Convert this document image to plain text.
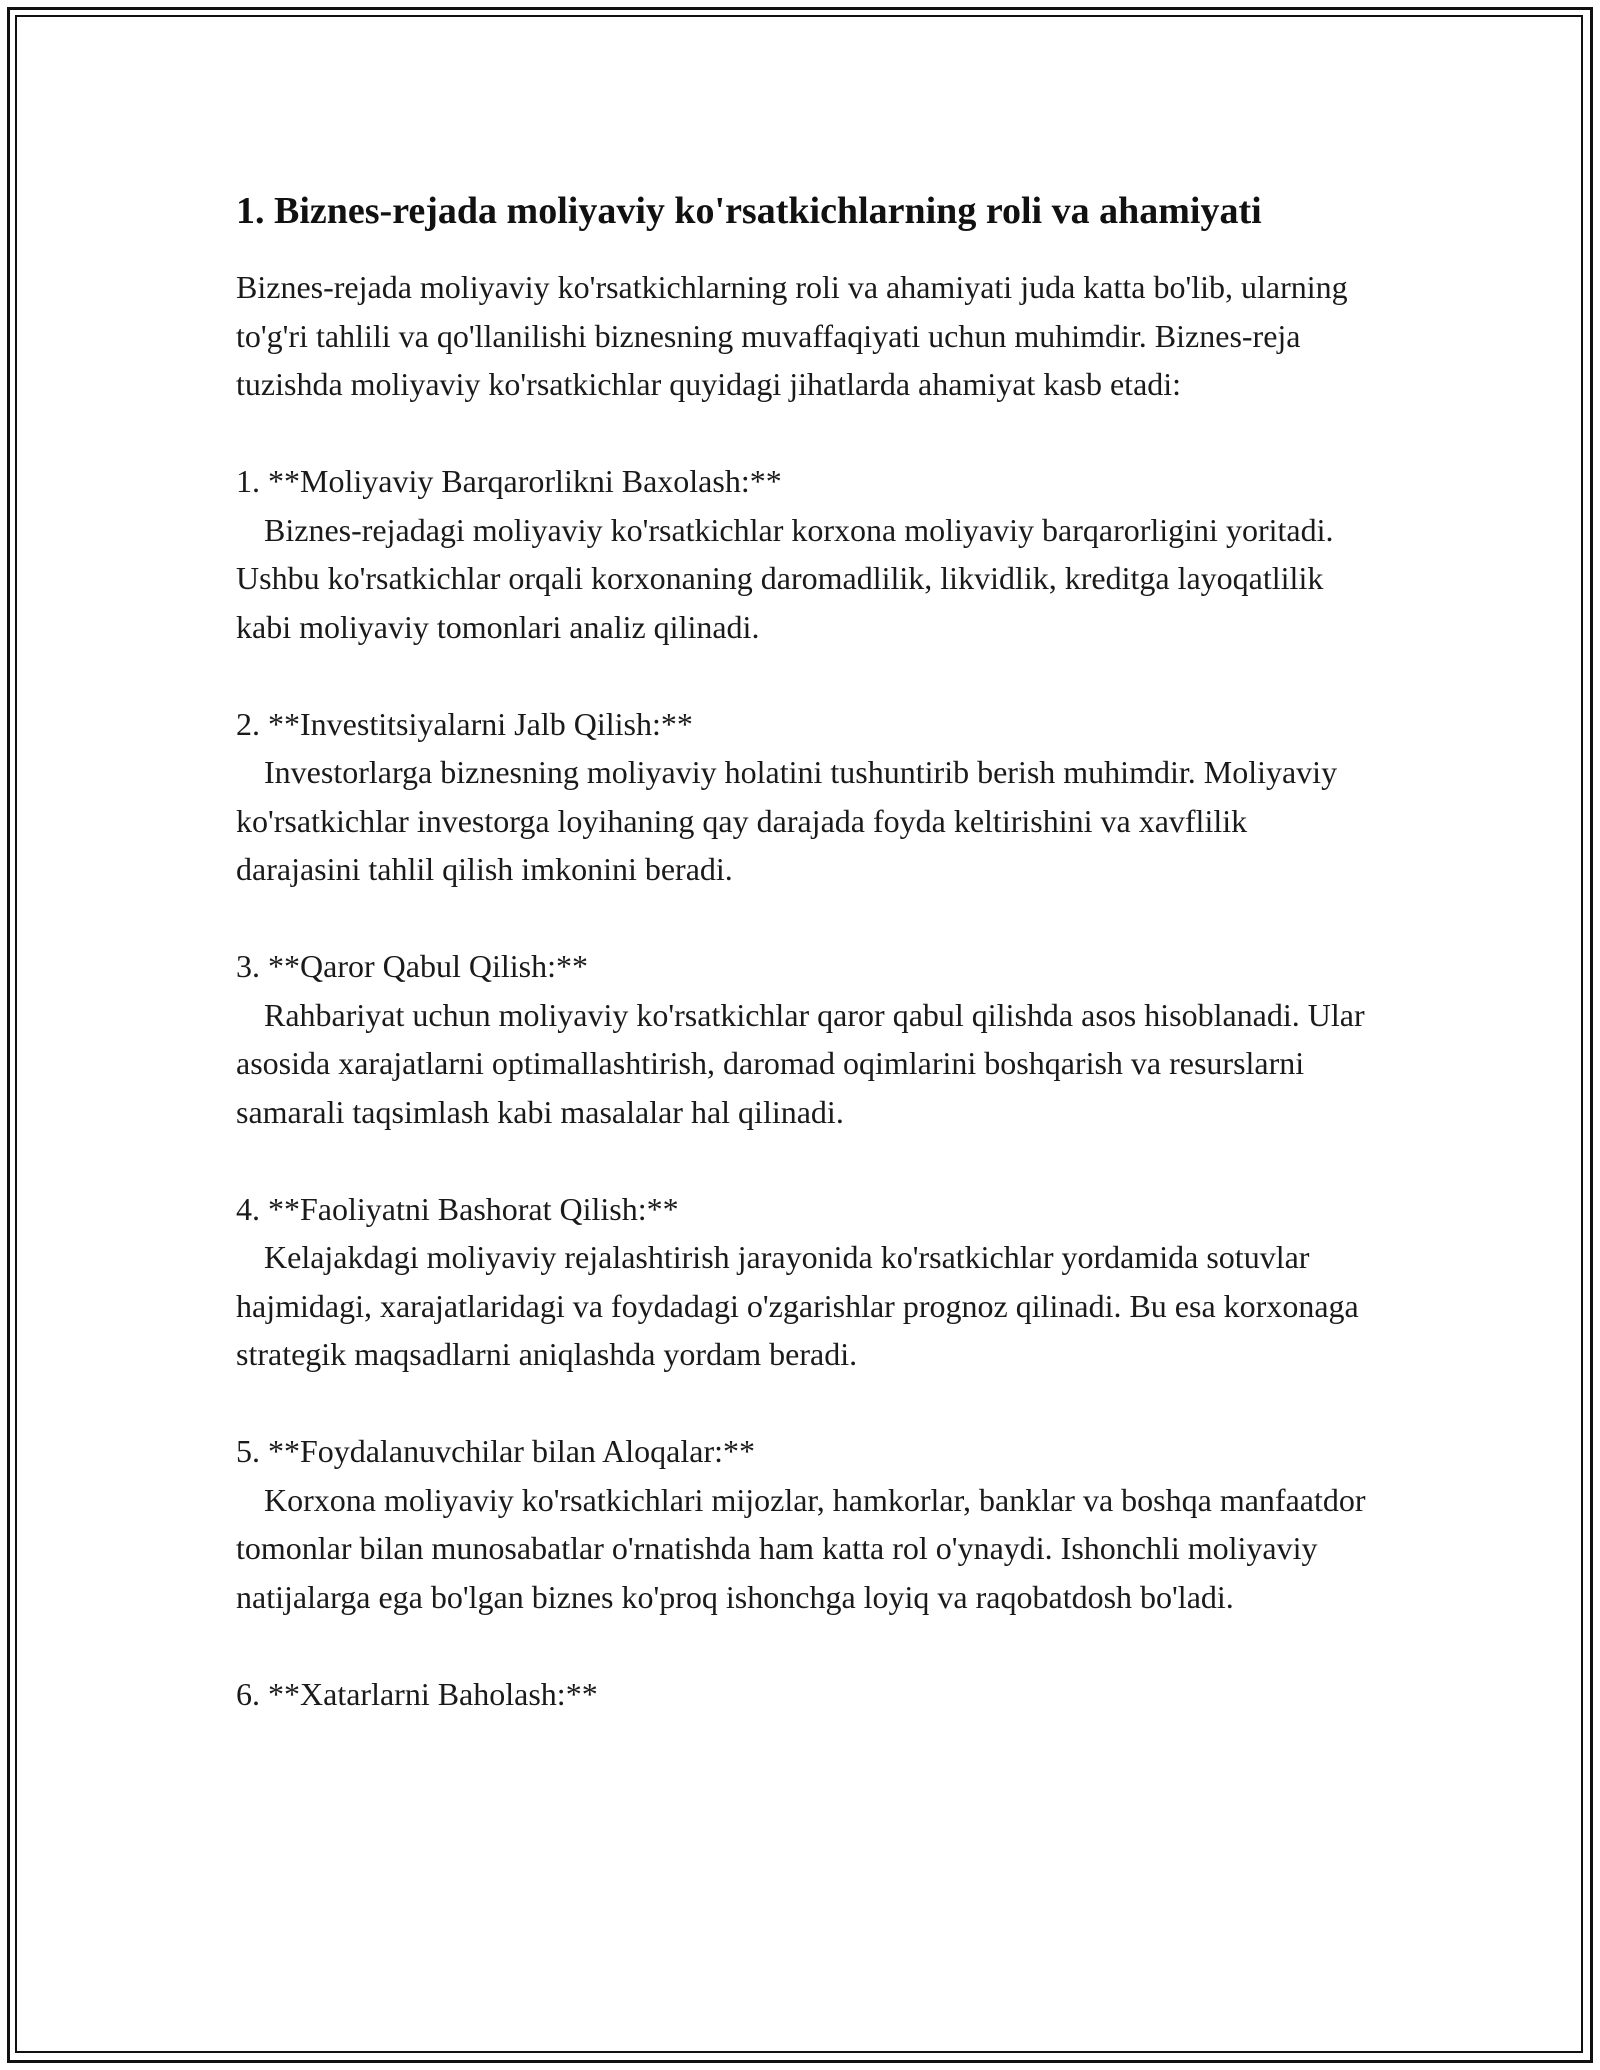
1. Biznes-rejada moliyaviy ko'rsatkichlarning roli va ahamiyati

Biznes-rejada moliyaviy ko'rsatkichlarning roli va ahamiyati juda katta bo'lib, ularning to'g'ri tahlili va qo'llanilishi biznesning muvaffaqiyati uchun muhimdir. Biznes-reja tuzishda moliyaviy ko'rsatkichlar quyidagi jihatlarda ahamiyat kasb etadi:

1. **Moliyaviy Barqarorlikni Baxolash:**
Biznes-rejadagi moliyaviy ko'rsatkichlar korxona moliyaviy barqarorligini yoritadi. Ushbu ko'rsatkichlar orqali korxonaning daromadlilik, likvidlik, kreditga layoqatlilik kabi moliyaviy tomonlari analiz qilinadi.
2. **Investitsiyalarni Jalb Qilish:**
Investorlarga biznesning moliyaviy holatini tushuntirib berish muhimdir. Moliyaviy ko'rsatkichlar investorga loyihaning qay darajada foyda keltirishini va xavflilik darajasini tahlil qilish imkonini beradi.
3. **Qaror Qabul Qilish:**
Rahbariyat uchun moliyaviy ko'rsatkichlar qaror qabul qilishda asos hisoblanadi. Ular asosida xarajatlarni optimallashtirish, daromad oqimlarini boshqarish va resurslarni samarali taqsimlash kabi masalalar hal qilinadi.
4. **Faoliyatni Bashorat Qilish:**
Kelajakdagi moliyaviy rejalashtirish jarayonida ko'rsatkichlar yordamida sotuvlar hajmidagi, xarajatlaridagi va foydadagi o'zgarishlar prognoz qilinadi. Bu esa korxonaga strategik maqsadlarni aniqlashda yordam beradi.
5. **Foydalanuvchilar bilan Aloqalar:**
Korxona moliyaviy ko'rsatkichlari mijozlar, hamkorlar, banklar va boshqa manfaatdor tomonlar bilan munosabatlar o'rnatishda ham katta rol o'ynaydi. Ishonchli moliyaviy natijalarga ega bo'lgan biznes ko'proq ishonchga loyiq va raqobatdosh bo'ladi.
6. **Xatarlarni Baholash:**
